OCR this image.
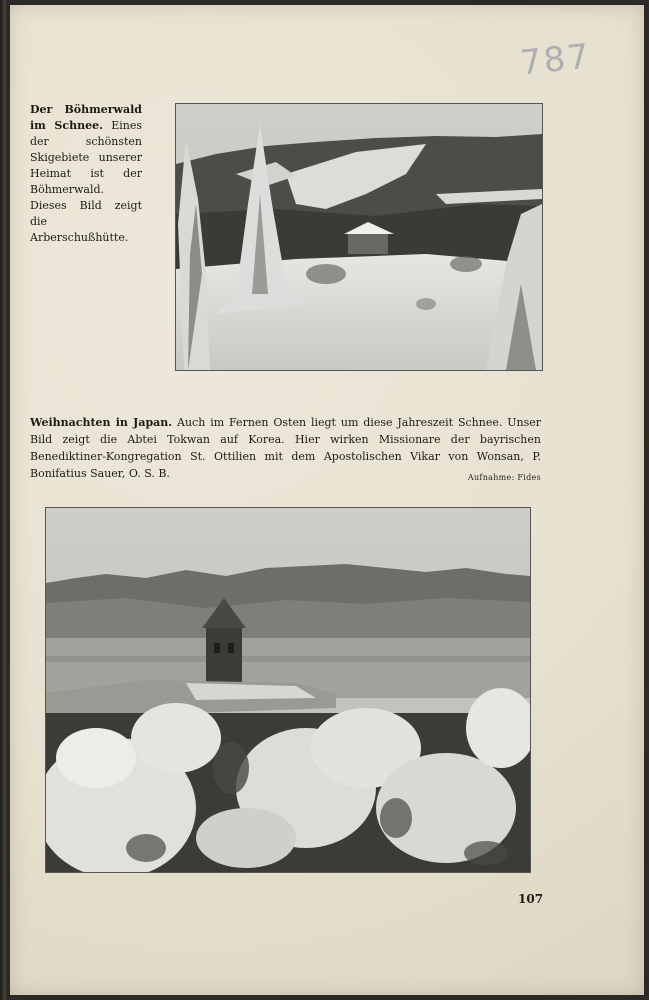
787
Der Böhmerwald im Schnee. Eines der schönsten Skigebiete unserer Heimat ist der Böhmerwald. Dieses Bild zeigt die Arberschußhütte.
Weihnachten in Japan. Auch im Fernen Osten liegt um diese Jahreszeit Schnee. Unser Bild zeigt die Abtei Tokwan auf Korea. Hier wirken Missionare der bayrischen Benediktiner-Kongregation St. Ottilien mit dem Apostolischen Vikar von Wonsan, P. Bonifatius Sauer, O. S. B.	Aufnahme: Fides
107
